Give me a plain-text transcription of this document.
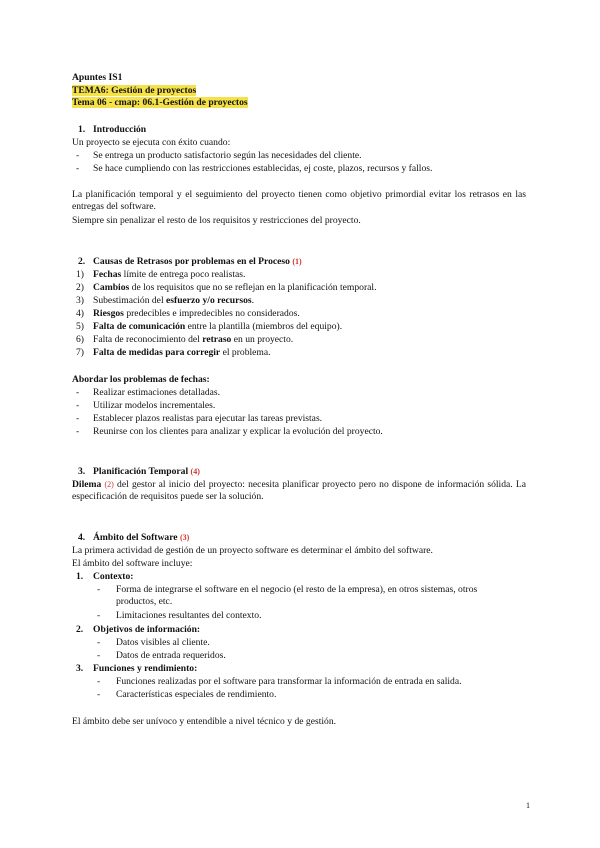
Apuntes IS1
TEMA6: Gestión de proyectos
Tema 06 - cmap: 06.1-Gestión de proyectos
1. Introducción
Un proyecto se ejecuta con éxito cuando:
- Se entrega un producto satisfactorio según las necesidades del cliente.
- Se hace cumpliendo con las restricciones establecidas, ej coste, plazos, recursos y fallos.
La planificación temporal y el seguimiento del proyecto tienen como objetivo primordial evitar los retrasos en las entregas del software.
Siempre sin penalizar el resto de los requisitos y restricciones del proyecto.
2. Causas de Retrasos por problemas en el Proceso (1)
1) Fechas límite de entrega poco realistas.
2) Cambios de los requisitos que no se reflejan en la planificación temporal.
3) Subestimación del esfuerzo y/o recursos.
4) Riesgos predecibles e impredecibles no considerados.
5) Falta de comunicación entre la plantilla (miembros del equipo).
6) Falta de reconocimiento del retraso en un proyecto.
7) Falta de medidas para corregir el problema.
Abordar los problemas de fechas:
- Realizar estimaciones detalladas.
- Utilizar modelos incrementales.
- Establecer plazos realistas para ejecutar las tareas previstas.
- Reunirse con los clientes para analizar y explicar la evolución del proyecto.
3. Planificación Temporal (4)
Dilema (2) del gestor al inicio del proyecto: necesita planificar proyecto pero no dispone de información sólida. La especificación de requisitos puede ser la solución.
4. Ámbito del Software (3)
La primera actividad de gestión de un proyecto software es determinar el ámbito del software.
El ámbito del software incluye:
1. Contexto:
- Forma de integrarse el software en el negocio (el resto de la empresa), en otros sistemas, otros productos, etc.
- Limitaciones resultantes del contexto.
2. Objetivos de información:
- Datos visibles al cliente.
- Datos de entrada requeridos.
3. Funciones y rendimiento:
- Funciones realizadas por el software para transformar la información de entrada en salida.
- Características especiales de rendimiento.
El ámbito debe ser unívoco y entendible a nivel técnico y de gestión.
1
